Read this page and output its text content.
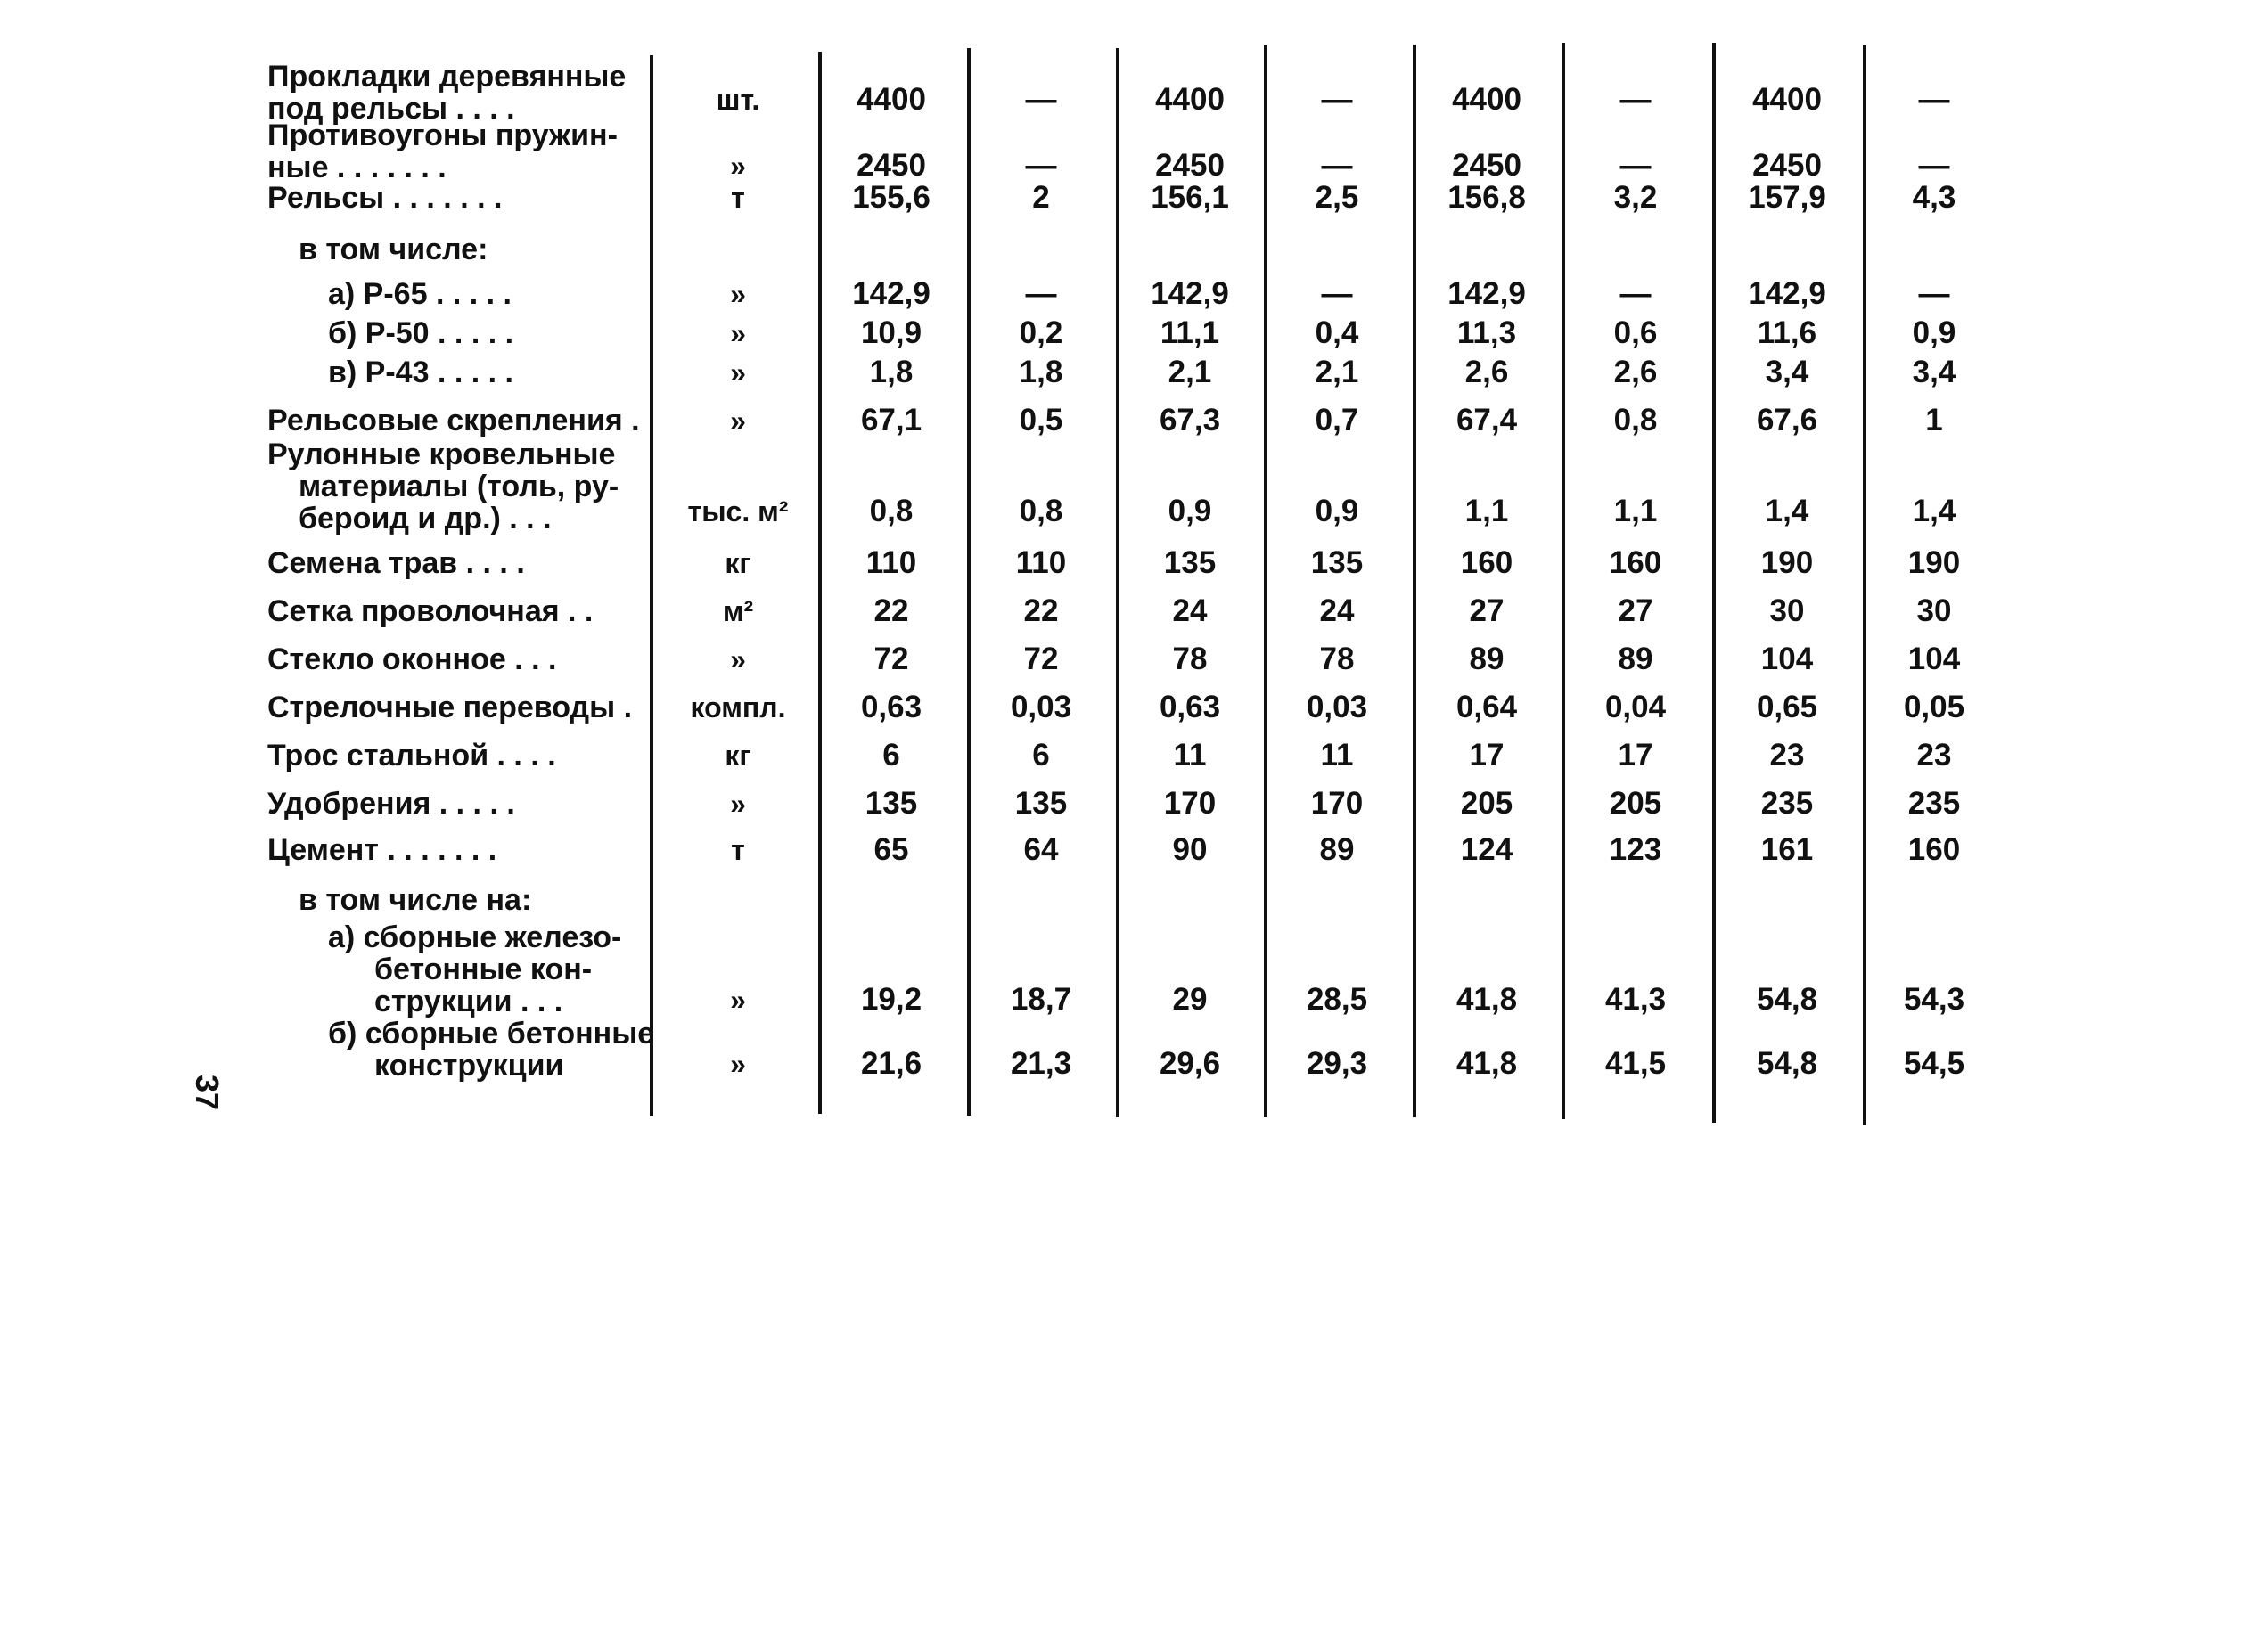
37
Прокладки деревянные
под рельсы . . . .	шт.	4400	—	4400	—	4400	—	4400	—
Противоугоны пружин-
ные . . . . . . .	»	2450	—	2450	—	2450	—	2450	—
Рельсы . . . . . . .	т	155,6	2	156,1	2,5	156,8	3,2	157,9	4,3
в том числе:
а) Р-65 . . . . .	»	142,9	—	142,9	—	142,9	—	142,9	—
б) Р-50 . . . . .	»	10,9	0,2	11,1	0,4	11,3	0,6	11,6	0,9
в) Р-43 . . . . .	»	1,8	1,8	2,1	2,1	2,6	2,6	3,4	3,4
Рельсовые скрепления .	»	67,1	0,5	67,3	0,7	67,4	0,8	67,6	1
Рулонные кровельные
материалы (толь, ру-
бероид и др.) . . .	тыс. м²	0,8	0,8	0,9	0,9	1,1	1,1	1,4	1,4
Семена трав . . . .	кг	110	110	135	135	160	160	190	190
Сетка проволочная . .	м²	22	22	24	24	27	27	30	30
Стекло оконное . . .	»	72	72	78	78	89	89	104	104
Стрелочные переводы .	компл.	0,63	0,03	0,63	0,03	0,64	0,04	0,65	0,05
Трос стальной . . . .	кг	6	6	11	11	17	17	23	23
Удобрения . . . . .	»	135	135	170	170	205	205	235	235
Цемент . . . . . . .	т	65	64	90	89	124	123	161	160
в том числе на:
а) сборные железо-
бетонные кон-
струкции . . .	»	19,2	18,7	29	28,5	41,8	41,3	54,8	54,3
б) сборные бетонные
конструкции	»	21,6	21,3	29,6	29,3	41,8	41,5	54,8	54,5
